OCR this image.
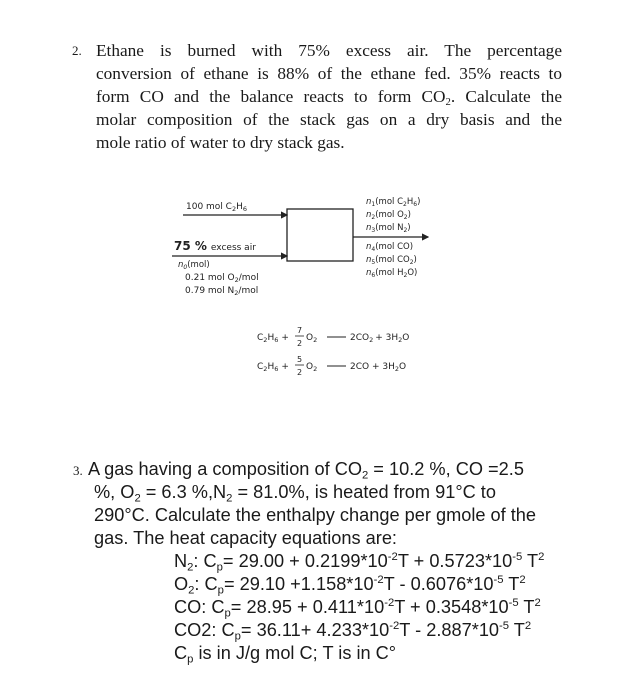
2. Ethane is burned with 75% excess air. The percentage
conversion of ethane is 88% of the ethane fed. 35% reacts to
form CO and the balance reacts to form $CO_2$. Calculate the
molar composition of the stack gas on a dry basis and the
mole ratio of water to dry stack gas.
100 mol $C_2H_6$
75 % excess air
$n_0(mol)$
0.21 mol $O_2$/mol
0.79 mol $N_2$/mol
$n_1(mol$ $C_2H_6$)
$n_2(mol$ $O_2$)
$n_3(mol$ $N_2$)
$n_4(mol$ CO)
$n_5(mol$ $CO_2$)
$n_6(mol$ $H_2O$)
$C_2H_6$ +
7
2
$O_2$	$2CO_2 + 3H_2O$
$C_2H_6$ +
5
2
$O_2$	$2CO + 3H_2O$
3. A gas having a composition of $CO_2 = 10.2$ %, CO =2.5
%, $O_2 = 6.3$ $\%,N_2 = 81.0\%$, is heated from 91°C to
290°C. Calculate the enthalpy change per gmole of the
gas. The heat capacity equations are:
$N_2$: $C_p= 29.00 + 0.2199*10^{-2}T + 0.5723*10^{-5}$ $T^2$
$O_2$: $C_p= 29.10 +1.158*10^{-2}T - 0.6076*10^{-5}$ $T^2$
CO: $C_p= 28.95 + 0.411*10^{-2}T + 0.3548*10^{-5}$ $T^2$
CO2: $C_p= 36.11+ 4.233*10^{-2}T - 2.887*10^{-5}$ $T^2$
$C_p$ is in J/g mol C; T is in C°
